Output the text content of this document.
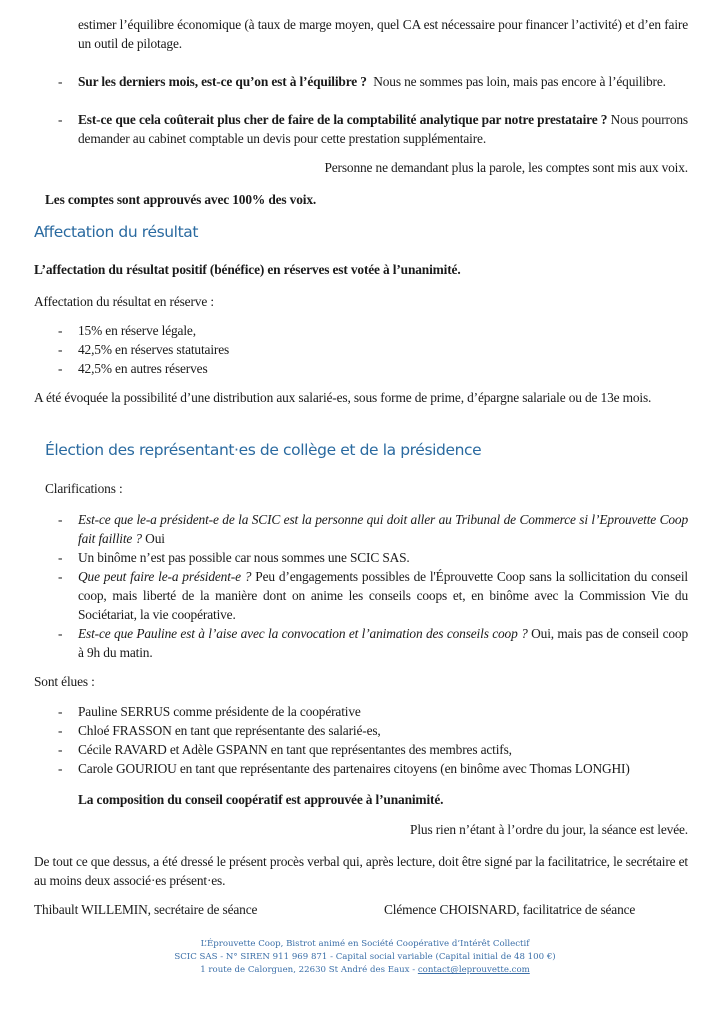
estimer l’équilibre économique (à taux de marge moyen, quel CA est nécessaire pour financer l’activité) et d’en faire un outil de pilotage.
- Sur les derniers mois, est-ce qu’on est à l’équilibre ? Nous ne sommes pas loin, mais pas encore à l’équilibre.
- Est-ce que cela coûterait plus cher de faire de la comptabilité analytique par notre prestataire ? Nous pourrons demander au cabinet comptable un devis pour cette prestation supplémentaire.
Personne ne demandant plus la parole, les comptes sont mis aux voix.
Les comptes sont approuvés avec 100% des voix.
Affectation du résultat
L’affectation du résultat positif (bénéfice) en réserves est votée à l’unanimité.
Affectation du résultat en réserve :
- 15% en réserve légale,
- 42,5% en réserves statutaires
- 42,5% en autres réserves
A été évoquée la possibilité d’une distribution aux salarié-es, sous forme de prime, d’épargne salariale ou de 13e mois.
Élection des représentant·es de collège et de la présidence
Clarifications :
- Est-ce que le-a président-e de la SCIC est la personne qui doit aller au Tribunal de Commerce si l’Eprouvette Coop fait faillite ? Oui
- Un binôme n’est pas possible car nous sommes une SCIC SAS.
- Que peut faire le-a président-e ? Peu d’engagements possibles de l'Éprouvette Coop sans la sollicitation du conseil coop, mais liberté de la manière dont on anime les conseils coops et, en binôme avec la Commission Vie du Sociétariat, la vie coopérative.
- Est-ce que Pauline est à l’aise avec la convocation et l’animation des conseils coop ? Oui, mais pas de conseil coop à 9h du matin.
Sont élues :
- Pauline SERRUS comme présidente de la coopérative
- Chloé FRASSON en tant que représentante des salarié-es,
- Cécile RAVARD et Adèle GSPANN en tant que représentantes des membres actifs,
- Carole GOURIOU en tant que représentante des partenaires citoyens (en binôme avec Thomas LONGHI)
La composition du conseil coopératif est approuvée à l’unanimité.
Plus rien n’étant à l’ordre du jour, la séance est levée.
De tout ce que dessus, a été dressé le présent procès verbal qui, après lecture, doit être signé par la facilitatrice, le secrétaire et au moins deux associé·es présent·es.
Thibault WILLEMIN, secrétaire de séance	Clémence CHOISNARD, facilitatrice de séance
L’Éprouvette Coop, Bistrot animé en Société Coopérative d’Intérêt Collectif
SCIC SAS - N° SIREN 911 969 871 - Capital social variable (Capital initial de 48 100 €)
1 route de Calorguen, 22630 St André des Eaux - contact@leprouvette.com
